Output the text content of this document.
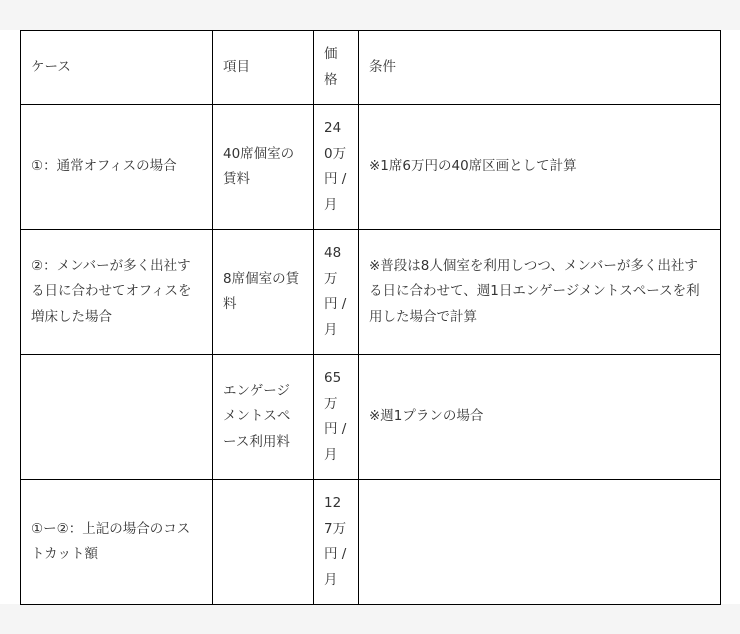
ケース	項目	価格	条件
①：通常オフィスの場合	40席個室の賃料	240万円 / 月	※1席6万円の40席区画として計算
②：メンバーが多く出社する日に合わせてオフィスを増床した場合	8席個室の賃料	48万円 / 月	※普段は8人個室を利用しつつ、メンバーが多く出社する日に合わせて、週1日エンゲージメントスペースを利用した場合で計算
	エンゲージメントスペース利用料	65万円 / 月	※週1プランの場合
①ー②：上記の場合のコストカット額		127万円 / 月	
